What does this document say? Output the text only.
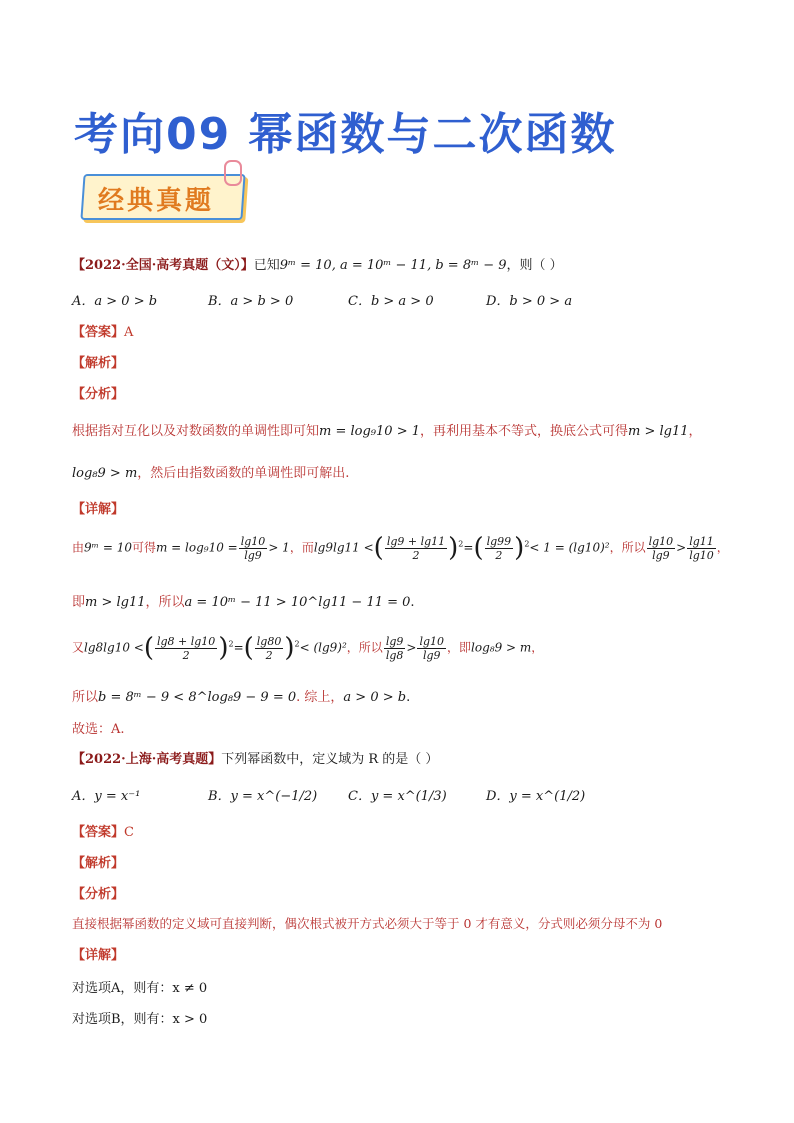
考向09 幂函数与二次函数
经典真题
【2022·全国·高考真题（文）】已知9ᵐ = 10, a = 10ᵐ − 11, b = 8ᵐ − 9，则（ ）
A．a > 0 > b	B．a > b > 0	C．b > a > 0	D．b > 0 > a
【答案】A
【解析】
【分析】
根据指对互化以及对数函数的单调性即可知m = log₉10 > 1，再利用基本不等式，换底公式可得m > lg11，
log₈9 > m，然后由指数函数的单调性即可解出.
【详解】
由9ᵐ = 10可得$m = \log_910 = \frac{\lg 10}{\lg 9} > 1$，而lg9lg11 <( $\frac{\lg 9 + \lg 11}{2} )^2=( \frac{\lg 99}{2} )^2< 1 = (\lg 10)^2$，所以 $\frac{\lg 10}{\lg 9} > \frac{\lg 11}{\lg 10}$ ，
即m > lg11，所以a = 10ᵐ − 11 > 10^lg11 − 11 = 0.
又lg8lg10 <( $\frac{\lg 8 + \lg 10}{2} )^2=( \frac{\lg 80}{2} )^2< (\lg 9)^2$，所以 $\frac{\lg 9}{\lg 8} > \frac{\lg 10}{\lg 9}$ ，即log₈9 > m，
所以b = 8ᵐ − 9 < 8^log₈9 − 9 = 0. 综上，a > 0 > b.
故选：A.
【2022·上海·高考真题】下列幂函数中，定义域为 R 的是（ ）
A．y = x⁻¹	B．y = x^(−1/2) C．y = x^(1/3)	D．y = x^(1/2)
【答案】C
【解析】
【分析】
直接根据幂函数的定义域可直接判断，偶次根式被开方式必须大于等于 0 才有意义，分式则必须分母不为 0
【详解】
对选项A，则有：x ≠ 0
对选项B，则有：x > 0
